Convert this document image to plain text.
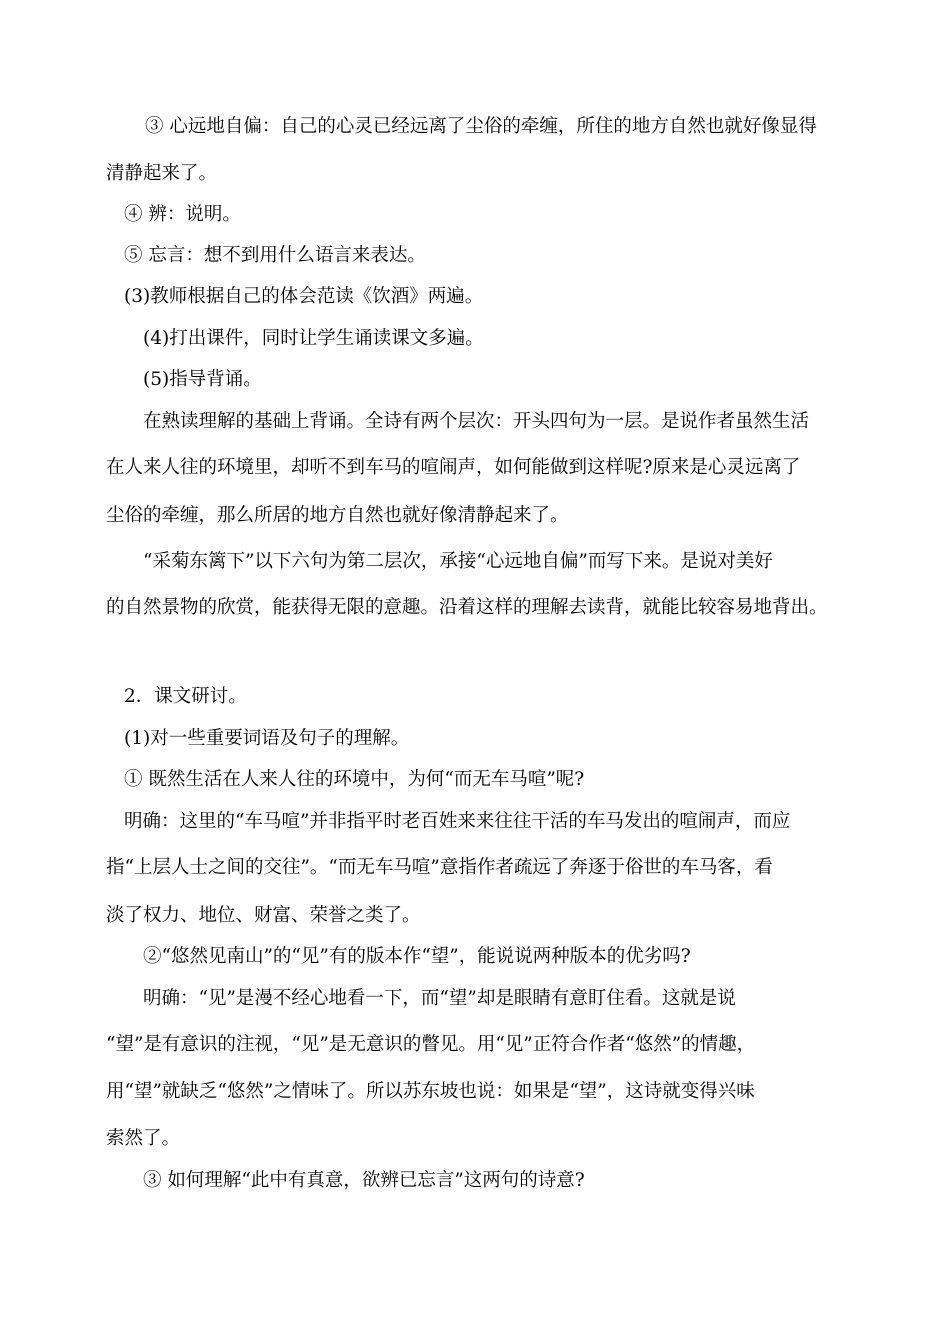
③ 心远地自偏：自己的心灵已经远离了尘俗的牵缠，所住的地方自然也就好像显得
清静起来了。
④ 辨：说明。
⑤ 忘言：想不到用什么语言来表达。
(3)教师根据自己的体会范读《饮酒》两遍。
(4)打出课件，同时让学生诵读课文多遍。
(5)指导背诵。
在熟读理解的基础上背诵。全诗有两个层次：开头四句为一层。是说作者虽然生活
在人来人往的环境里，却听不到车马的喧闹声，如何能做到这样呢?原来是心灵远离了
尘俗的牵缠，那么所居的地方自然也就好像清静起来了。
“采菊东篱下”以下六句为第二层次，承接“心远地自偏”而写下来。是说对美好
的自然景物的欣赏，能获得无限的意趣。沿着这样的理解去读背，就能比较容易地背出。
2．课文研讨。
(1)对一些重要词语及句子的理解。
① 既然生活在人来人往的环境中，为何“而无车马喧”呢?
明确：这里的“车马喧”并非指平时老百姓来来往往干活的车马发出的喧闹声，而应
指“上层人士之间的交往”。“而无车马喧”意指作者疏远了奔逐于俗世的车马客，看
淡了权力、地位、财富、荣誉之类了。
②“悠然见南山”的“见”有的版本作“望”，能说说两种版本的优劣吗?
明确：“见”是漫不经心地看一下，而“望”却是眼睛有意盯住看。这就是说
“望”是有意识的注视，“见”是无意识的瞥见。用“见”正符合作者“悠然”的情趣，
用“望”就缺乏“悠然”之情味了。所以苏东坡也说：如果是“望”，这诗就变得兴味
索然了。
③ 如何理解“此中有真意，欲辨已忘言”这两句的诗意?
